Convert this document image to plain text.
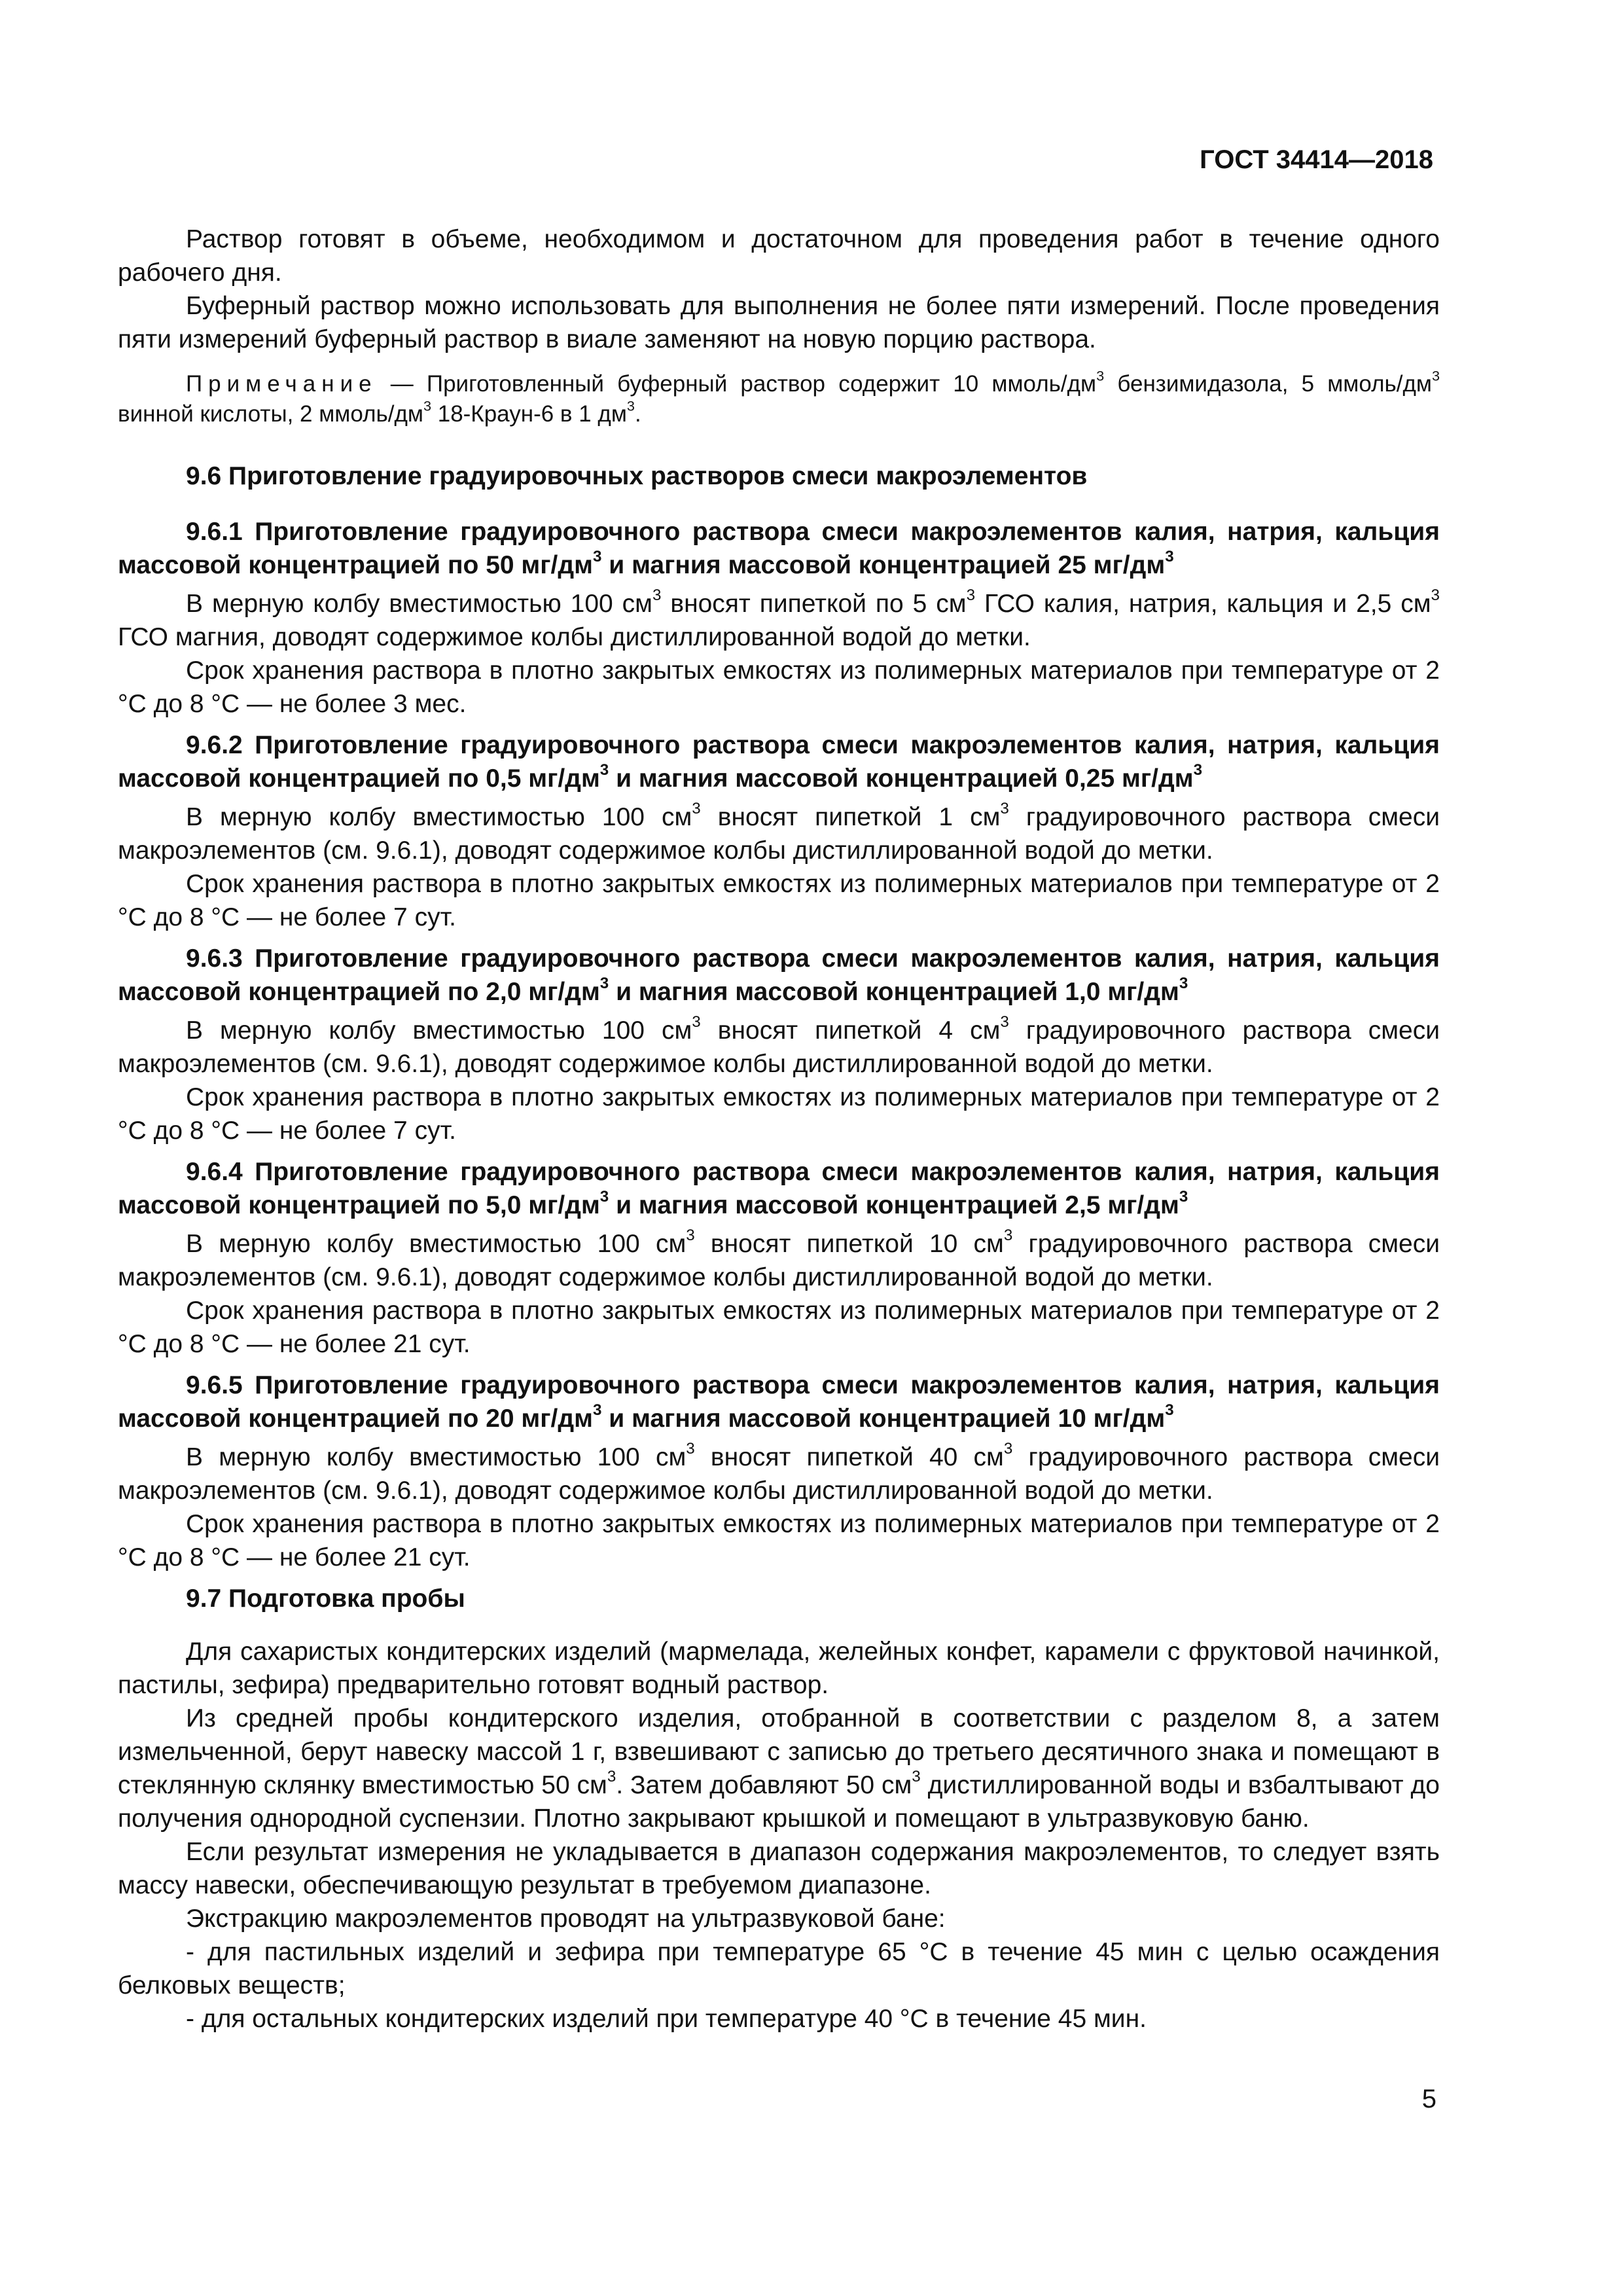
ГОСТ 34414—2018

Раствор готовят в объеме, необходимом и достаточном для проведения работ в течение одного рабочего дня.

Буферный раствор можно использовать для выполнения не более пяти измерений. После проведения пяти измерений буферный раствор в виале заменяют на новую порцию раствора.

Примечание — Приготовленный буферный раствор содержит 10 ммоль/$дм^3$ бензимидазола, 5 ммоль/$дм^3$ винной кислоты, 2 ммоль/$дм^3$ 18-Краун-6 в 1 $дм^3$.

9.6 Приготовление градуировочных растворов смеси макроэлементов

9.6.1 Приготовление градуировочного раствора смеси макроэлементов калия, натрия, кальция массовой концентрацией по 50 $мг/дм^3$ и магния массовой концентрацией 25 $мг/дм^3$

В мерную колбу вместимостью 100 $см^3$ вносят пипеткой по 5 $см^3$ ГСО калия, натрия, кальция и 2,5 $см^3$ ГСО магния, доводят содержимое колбы дистиллированной водой до метки.

Срок хранения раствора в плотно закрытых емкостях из полимерных материалов при температуре от 2 °С до 8 °С — не более 3 мес.

9.6.2 Приготовление градуировочного раствора смеси макроэлементов калия, натрия, кальция массовой концентрацией по 0,5 $мг/дм^3$ и магния массовой концентрацией 0,25 $мг/дм^3$

В мерную колбу вместимостью 100 $см^3$ вносят пипеткой 1 $см^3$ градуировочного раствора смеси макроэлементов (см. 9.6.1), доводят содержимое колбы дистиллированной водой до метки.

Срок хранения раствора в плотно закрытых емкостях из полимерных материалов при температуре от 2 °С до 8 °С — не более 7 сут.

9.6.3 Приготовление градуировочного раствора смеси макроэлементов калия, натрия, кальция массовой концентрацией по 2,0 $мг/дм^3$ и магния массовой концентрацией 1,0 $мг/дм^3$

В мерную колбу вместимостью 100 $см^3$ вносят пипеткой 4 $см^3$ градуировочного раствора смеси макроэлементов (см. 9.6.1), доводят содержимое колбы дистиллированной водой до метки.

Срок хранения раствора в плотно закрытых емкостях из полимерных материалов при температуре от 2 °С до 8 °С — не более 7 сут.

9.6.4 Приготовление градуировочного раствора смеси макроэлементов калия, натрия, кальция массовой концентрацией по 5,0 $мг/дм^3$ и магния массовой концентрацией 2,5 $мг/дм^3$

В мерную колбу вместимостью 100 $см^3$ вносят пипеткой 10 $см^3$ градуировочного раствора смеси макроэлементов (см. 9.6.1), доводят содержимое колбы дистиллированной водой до метки.

Срок хранения раствора в плотно закрытых емкостях из полимерных материалов при температуре от 2 °С до 8 °С — не более 21 сут.

9.6.5 Приготовление градуировочного раствора смеси макроэлементов калия, натрия, кальция массовой концентрацией по 20 $мг/дм^3$ и магния массовой концентрацией 10 $мг/дм^3$

В мерную колбу вместимостью 100 $см^3$ вносят пипеткой 40 $см^3$ градуировочного раствора смеси макроэлементов (см. 9.6.1), доводят содержимое колбы дистиллированной водой до метки.

Срок хранения раствора в плотно закрытых емкостях из полимерных материалов при температуре от 2 °С до 8 °С — не более 21 сут.

9.7 Подготовка пробы

Для сахаристых кондитерских изделий (мармелада, желейных конфет, карамели с фруктовой начинкой, пастилы, зефира) предварительно готовят водный раствор.

Из средней пробы кондитерского изделия, отобранной в соответствии с разделом 8, а затем измельченной, берут навеску массой 1 г, взвешивают с записью до третьего десятичного знака и помещают в стеклянную склянку вместимостью 50 $см^3$. Затем добавляют 50 $см^3$ дистиллированной воды и взбалтывают до получения однородной суспензии. Плотно закрывают крышкой и помещают в ультразвуковую баню.

Если результат измерения не укладывается в диапазон содержания макроэлементов, то следует взять массу навески, обеспечивающую результат в требуемом диапазоне.

Экстракцию макроэлементов проводят на ультразвуковой бане:

- для пастильных изделий и зефира при температуре 65 °С в течение 45 мин с целью осаждения белковых веществ;

- для остальных кондитерских изделий при температуре 40 °С в течение 45 мин.

5
